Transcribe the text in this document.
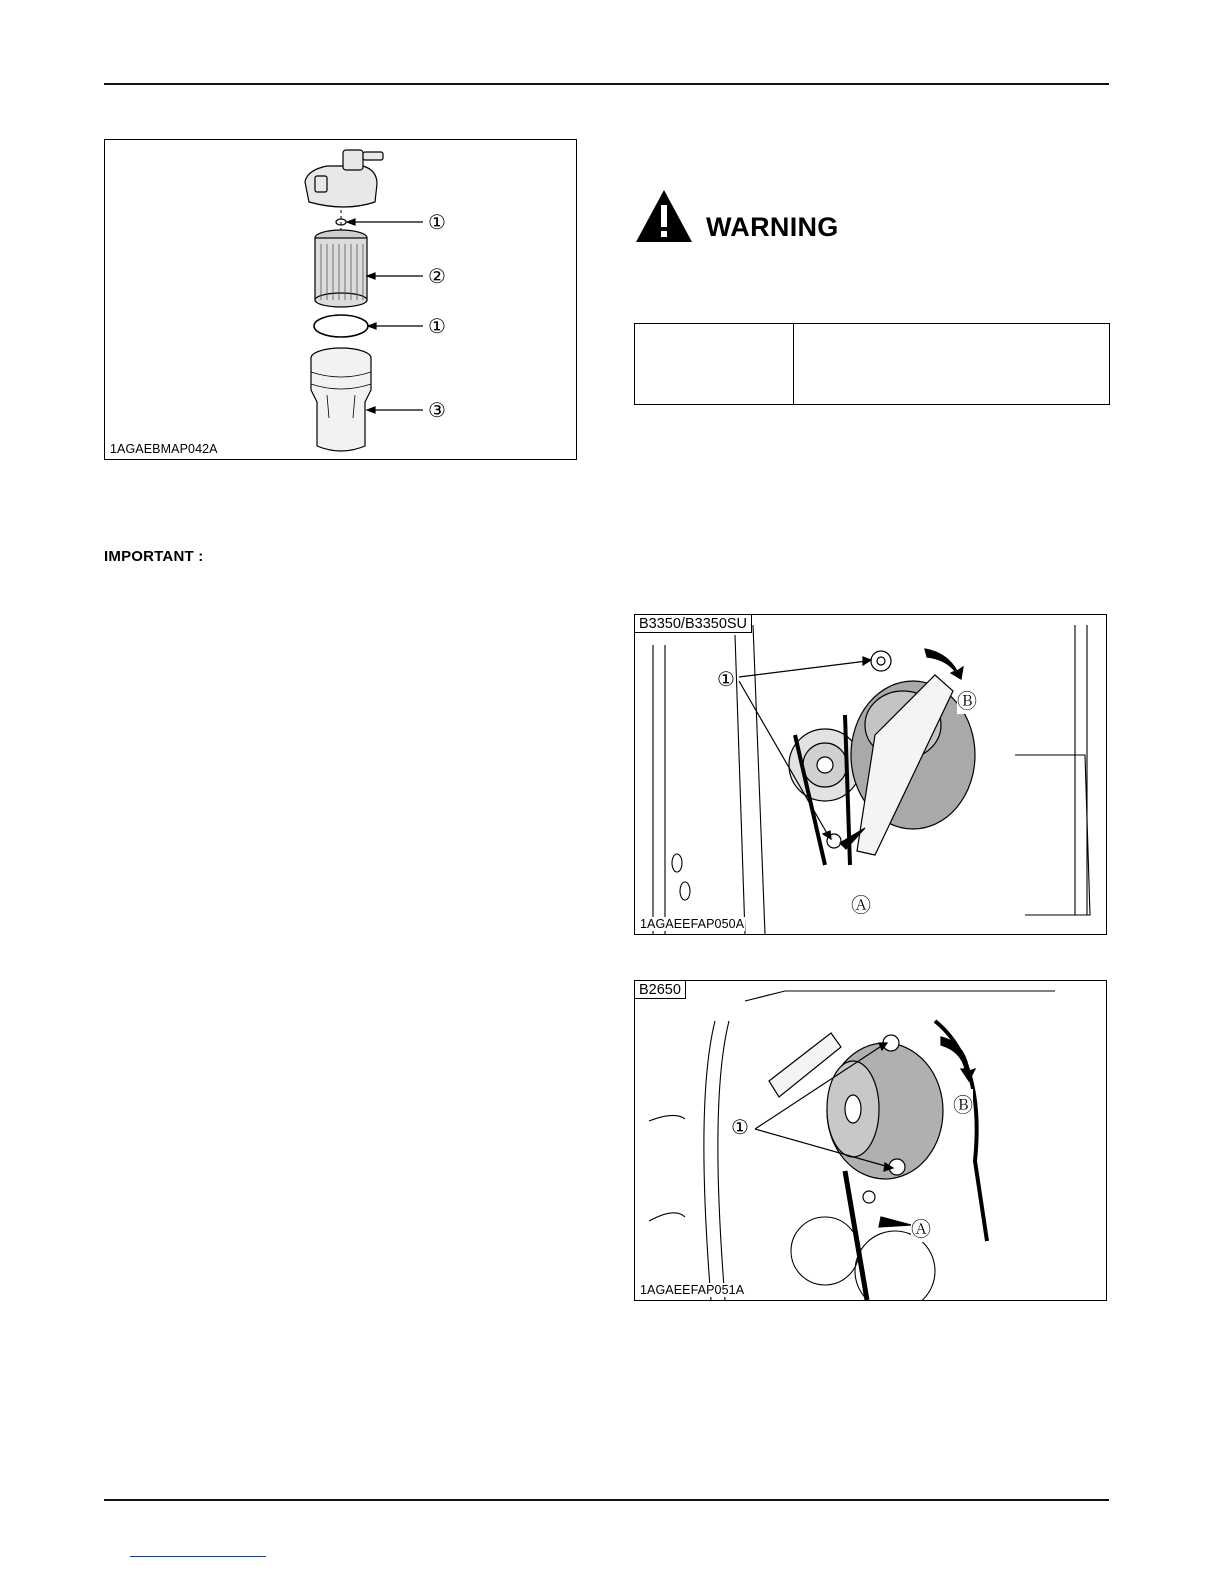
①
②
①
③
1AGAEBMAP042A
WARNING
IMPORTANT :
B3350/B3350SU
①
Ⓑ
Ⓐ
1AGAEEFAP050A
B2650
①
Ⓑ
Ⓐ
1AGAEEFAP051A
